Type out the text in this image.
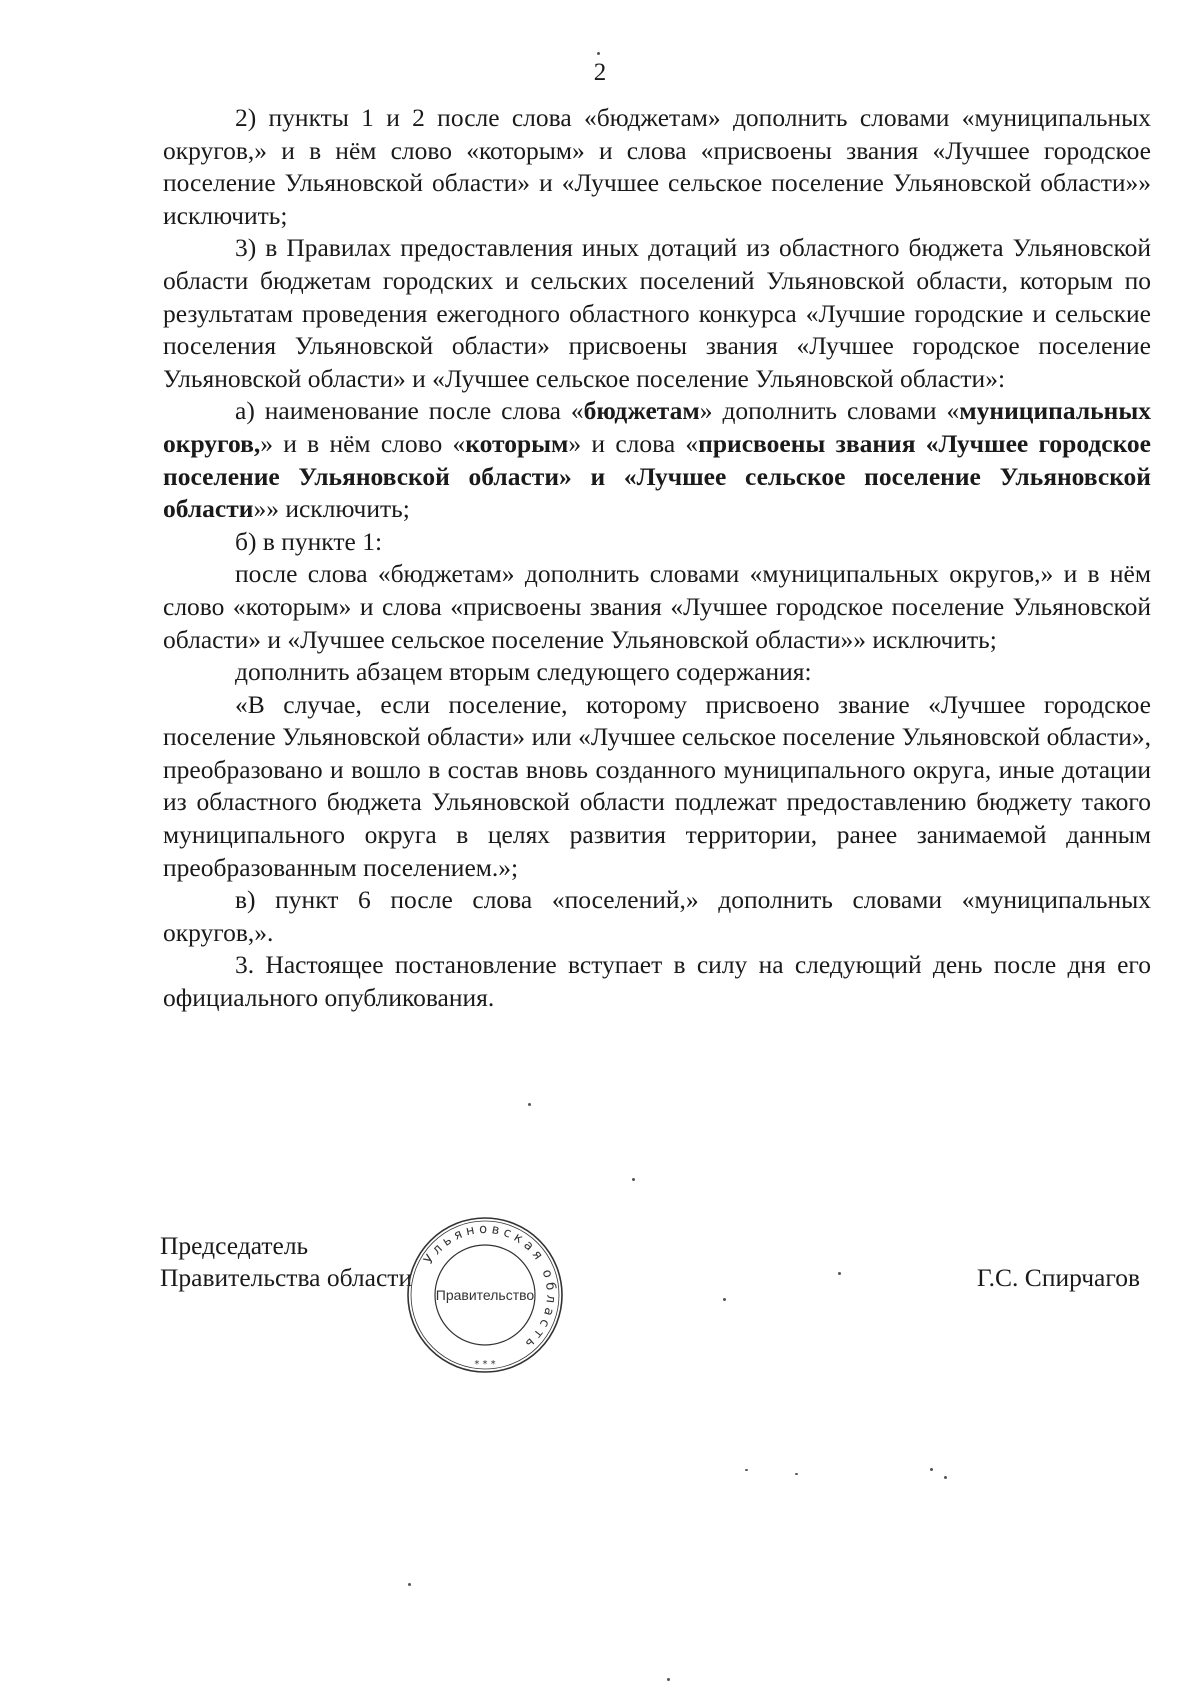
2

2) пункты 1 и 2 после слова «бюджетам» дополнить словами «муниципальных округов,» и в нём слово «которым» и слова «присвоены звания «Лучшее городское поселение Ульяновской области» и «Лучшее сельское поселение Ульяновской области»» исключить;

3) в Правилах предоставления иных дотаций из областного бюджета Ульяновской области бюджетам городских и сельских поселений Ульяновской области, которым по результатам проведения ежегодного областного конкурса «Лучшие городские и сельские поселения Ульяновской области» присвоены звания «Лучшее городское поселение Ульяновской области» и «Лучшее сельское поселение Ульяновской области»:

а) наименование после слова «бюджетам» дополнить словами «муниципальных округов,» и в нём слово «которым» и слова «присвоены звания «Лучшее городское поселение Ульяновской области» и «Лучшее сельское поселение Ульяновской области»» исключить;

б) в пункте 1:

после слова «бюджетам» дополнить словами «муниципальных округов,» и в нём слово «которым» и слова «присвоены звания «Лучшее городское поселение Ульяновской области» и «Лучшее сельское поселение Ульяновской области»» исключить;

дополнить абзацем вторым следующего содержания:

«В случае, если поселение, которому присвоено звание «Лучшее городское поселение Ульяновской области» или «Лучшее сельское поселение Ульяновской области», преобразовано и вошло в состав вновь созданного муниципального округа, иные дотации из областного бюджета Ульяновской области подлежат предоставлению бюджету такого муниципального округа в целях развития территории, ранее занимаемой данным преобразованным поселением.»;

в) пункт 6 после слова «поселений,» дополнить словами «муниципальных округов,».

3. Настоящее постановление вступает в силу на следующий день после дня его официального опубликования.

Председатель
Правительства области	Г.С. Спирчагов
Ульяновская область
Правительство
* * *
